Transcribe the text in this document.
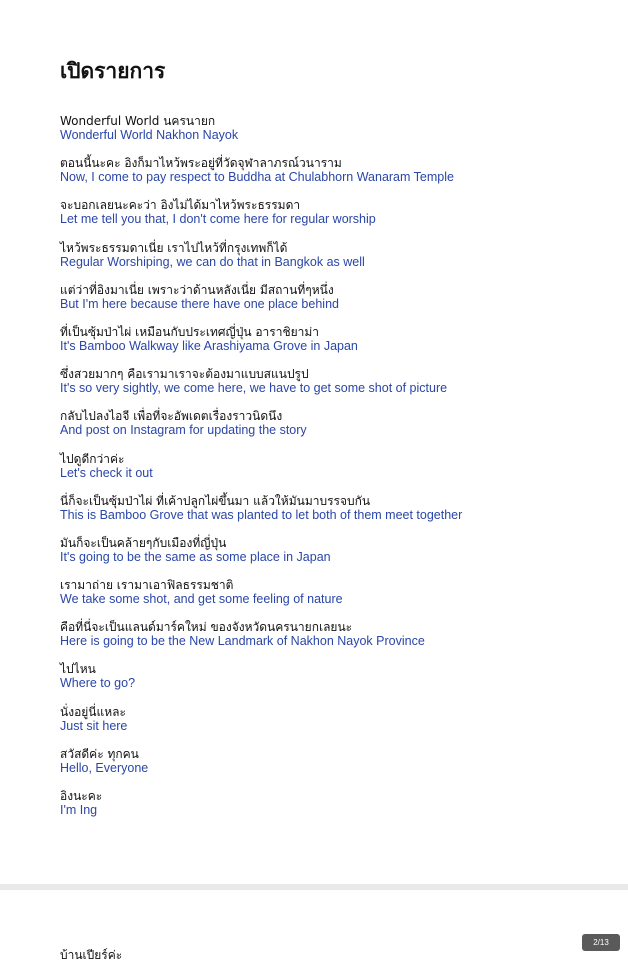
เปิดรายการ
Wonderful World นครนายก
Wonderful World Nakhon Nayok
ตอนนี้นะคะ อิงก็มาไหว้พระอยู่ที่วัดจุฬาลาภรณ์วนาราม
Now, I come to pay respect to Buddha at Chulabhorn Wanaram Temple
จะบอกเลยนะคะว่า อิงไม่ได้มาไหว้พระธรรมดา
Let me tell you that, I don't come here for regular worship
ไหว้พระธรรมดาเนี่ย เราไปไหว้ที่กรุงเทพก็ได้
Regular Worshiping, we can do that in Bangkok as well
แต่ว่าที่อิงมาเนี่ย เพราะว่าด้านหลังเนี่ย มีสถานที่ๆหนึ่ง
But I'm here because there have one place behind
ที่เป็นซุ้มป่าไผ่ เหมือนกับประเทศญี่ปุ่น อาราชิยาม่า
It's Bamboo Walkway like Arashiyama Grove in Japan
ซึ่งสวยมากๆ คือเรามาเราจะต้องมาแบบสแนปรูป
It's so very sightly, we come here, we have to get some shot of picture
กลับไปลงไอจี เพื่อที่จะอัพเดตเรื่องราวนิดนึง
And post on Instagram for updating the story
ไปดูดีกว่าค่ะ
Let's check it out
นี่ก็จะเป็นซุ้มป่าไผ่ ที่เค้าปลูกไผ่ขึ้นมา แล้วให้มันมาบรรจบกัน
This is Bamboo Grove that was planted to let both of them meet together
มันก็จะเป็นคล้ายๆกับเมืองที่ญี่ปุ่น
It's going to be the same as some place in Japan
เรามาถ่าย เรามาเอาฟิลธรรมชาติ
We take some shot, and get some feeling of nature
คือที่นี่จะเป็นแลนด์มาร์คใหม่ ของจังหวัดนครนายกเลยนะ
Here is going to be the New Landmark of Nakhon Nayok Province
ไปไหน
Where to go?
นั่งอยู่นี่แหละ
Just sit here
สวัสดีค่ะ ทุกคน
Hello, Everyone
อิงนะคะ
I'm Ing
บ้านเปียร์ค่ะ
2/13
